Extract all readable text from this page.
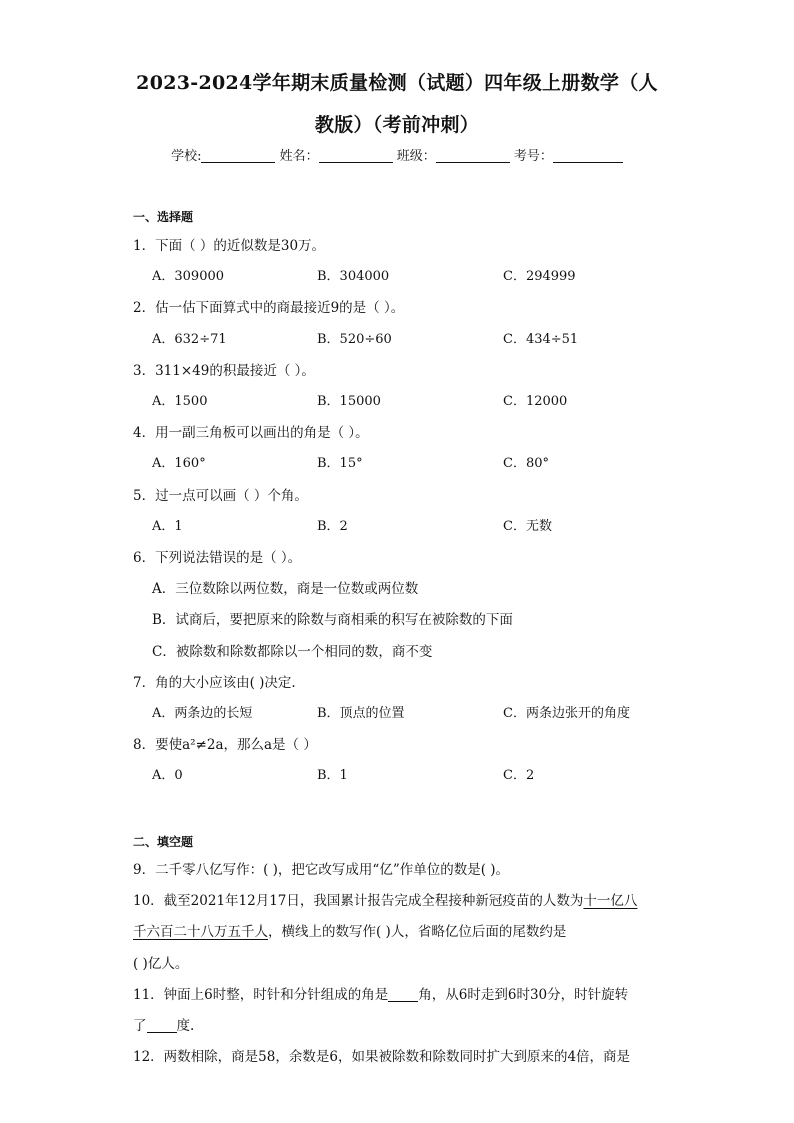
2023-2024学年期末质量检测（试题）四年级上册数学（人
教版）（考前冲刺）
学校:	姓名：	班级：	考号：
一、选择题
1．下面（ ）的近似数是30万。
A．309000	B．304000	C．294999
2．估一估下面算式中的商最接近9的是（ ）。
A．632÷71	B．520÷60	C．434÷51
3．311×49的积最接近（ ）。
A．1500	B．15000	C．12000
4．用一副三角板可以画出的角是（ ）。
A．160°	B．15°	C．80°
5．过一点可以画（ ）个角。
A．1	B．2	C．无数
6．下列说法错误的是（ ）。
A．三位数除以两位数，商是一位数或两位数
B．试商后，要把原来的除数与商相乘的积写在被除数的下面
C．被除数和除数都除以一个相同的数，商不变
7．角的大小应该由( )决定.
A．两条边的长短	B．顶点的位置	C．两条边张开的角度
8．要使a²≠2a，那么a是（ ）
A．0	B．1	C．2
二、填空题
9．二千零八亿写作：( )，把它改写成用“亿”作单位的数是( )。
10．截至2021年12月17日，我国累计报告完成全程接种新冠疫苗的人数为十一亿八
千六百二十八万五千人，横线上的数写作( )人，省略亿位后面的尾数约是
( )亿人。
11．钟面上6时整，时针和分针组成的角是 角，从6时走到6时30分，时针旋转
了 度.
12．两数相除，商是58，余数是6，如果被除数和除数同时扩大到原来的4倍，商是
